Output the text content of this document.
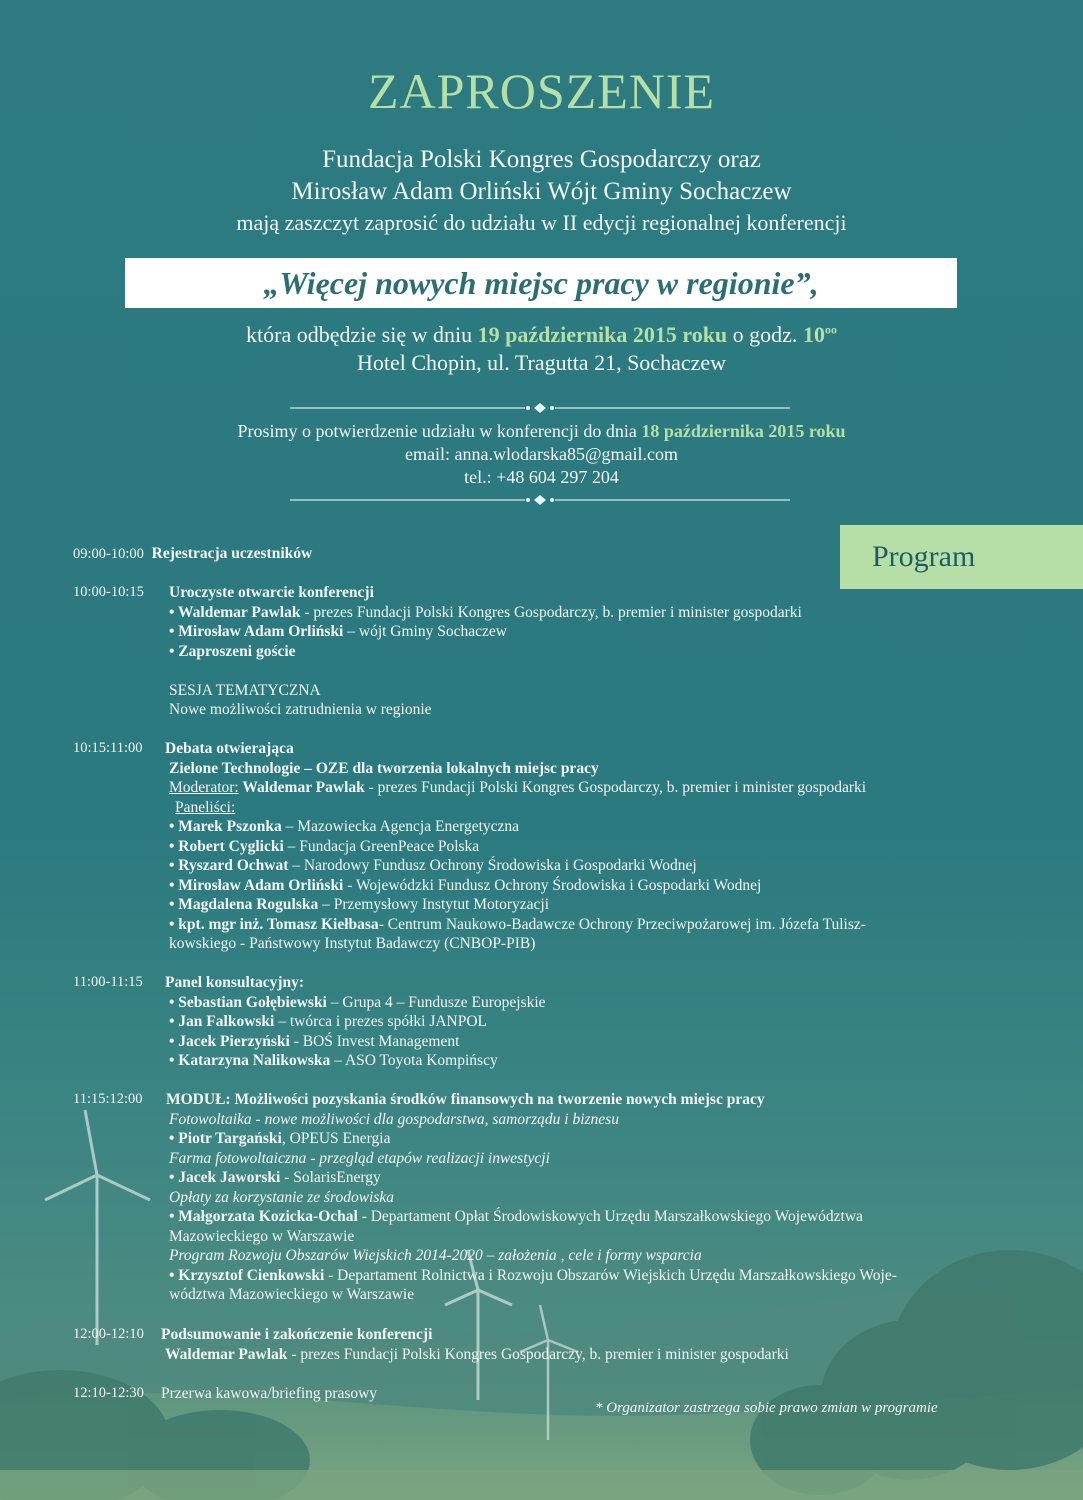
ZAPROSZENIE
Fundacja Polski Kongres Gospodarczy oraz
Mirosław Adam Orliński Wójt Gminy Sochaczew
mają zaszczyt zaprosić do udziału w II edycji regionalnej konferencji
„Więcej nowych miejsc pracy w regionie”,
która odbędzie się w dniu 19 października 2015 roku o godz. $10^{oo}$
Hotel Chopin, ul. Tragutta 21, Sochaczew
Prosimy o potwierdzenie udziału w konferencji do dnia 18 października 2015 roku
email: anna.wlodarska85@gmail.com
tel.: +48 604 297 204
Program
09:00-10:00 Rejestracja uczestników
10:00-10:15 Uroczyste otwarcie konferencji
• Waldemar Pawlak - prezes Fundacji Polski Kongres Gospodarczy, b. premier i minister gospodarki
• Mirosław Adam Orliński – wójt Gminy Sochaczew
• Zaproszeni goście
SESJA TEMATYCZNA
Nowe możliwości zatrudnienia w regionie
10:15:11:00 Debata otwierająca
Zielone Technologie – OZE dla tworzenia lokalnych miejsc pracy
Moderator: Waldemar Pawlak - prezes Fundacji Polski Kongres Gospodarczy, b. premier i minister gospodarki
Paneliści:
• Marek Pszonka – Mazowiecka Agencja Energetyczna
• Robert Cyglicki – Fundacja GreenPeace Polska
• Ryszard Ochwat – Narodowy Fundusz Ochrony Środowiska i Gospodarki Wodnej
• Mirosław Adam Orliński - Wojewódzki Fundusz Ochrony Środowiska i Gospodarki Wodnej
• Magdalena Rogulska – Przemysłowy Instytut Motoryzacji
• kpt. mgr inż. Tomasz Kiełbasa- Centrum Naukowo-Badawcze Ochrony Przeciwpożarowej im. Józefa Tulisz-
kowskiego - Państwowy Instytut Badawczy (CNBOP-PIB)
11:00-11:15 Panel konsultacyjny:
• Sebastian Gołębiewski – Grupa 4 – Fundusze Europejskie
• Jan Falkowski – twórca i prezes spółki JANPOL
• Jacek Pierzyński - BOŚ Invest Management
• Katarzyna Nalikowska – ASO Toyota Kompińscy
11:15:12:00 MODUŁ: Możliwości pozyskania środków finansowych na tworzenie nowych miejsc pracy
Fotowoltaika - nowe możliwości dla gospodarstwa, samorządu i biznesu
• Piotr Targański, OPEUS Energia
Farma fotowoltaiczna - przegląd etapów realizacji inwestycji
• Jacek Jaworski - SolarisEnergy
Opłaty za korzystanie ze środowiska
• Małgorzata Kozicka-Ochal - Departament Opłat Środowiskowych Urzędu Marszałkowskiego Województwa
Mazowieckiego w Warszawie
Program Rozwoju Obszarów Wiejskich 2014-2020 – założenia , cele i formy wsparcia
• Krzysztof Cienkowski - Departament Rolnictwa i Rozwoju Obszarów Wiejskich Urzędu Marszałkowskiego Woje-
wództwa Mazowieckiego w Warszawie
12:00-12:10 Podsumowanie i zakończenie konferencji
Waldemar Pawlak - prezes Fundacji Polski Kongres Gospodarczy, b. premier i minister gospodarki
12:10-12:30 Przerwa kawowa/briefing prasowy
* Organizator zastrzega sobie prawo zmian w programie
